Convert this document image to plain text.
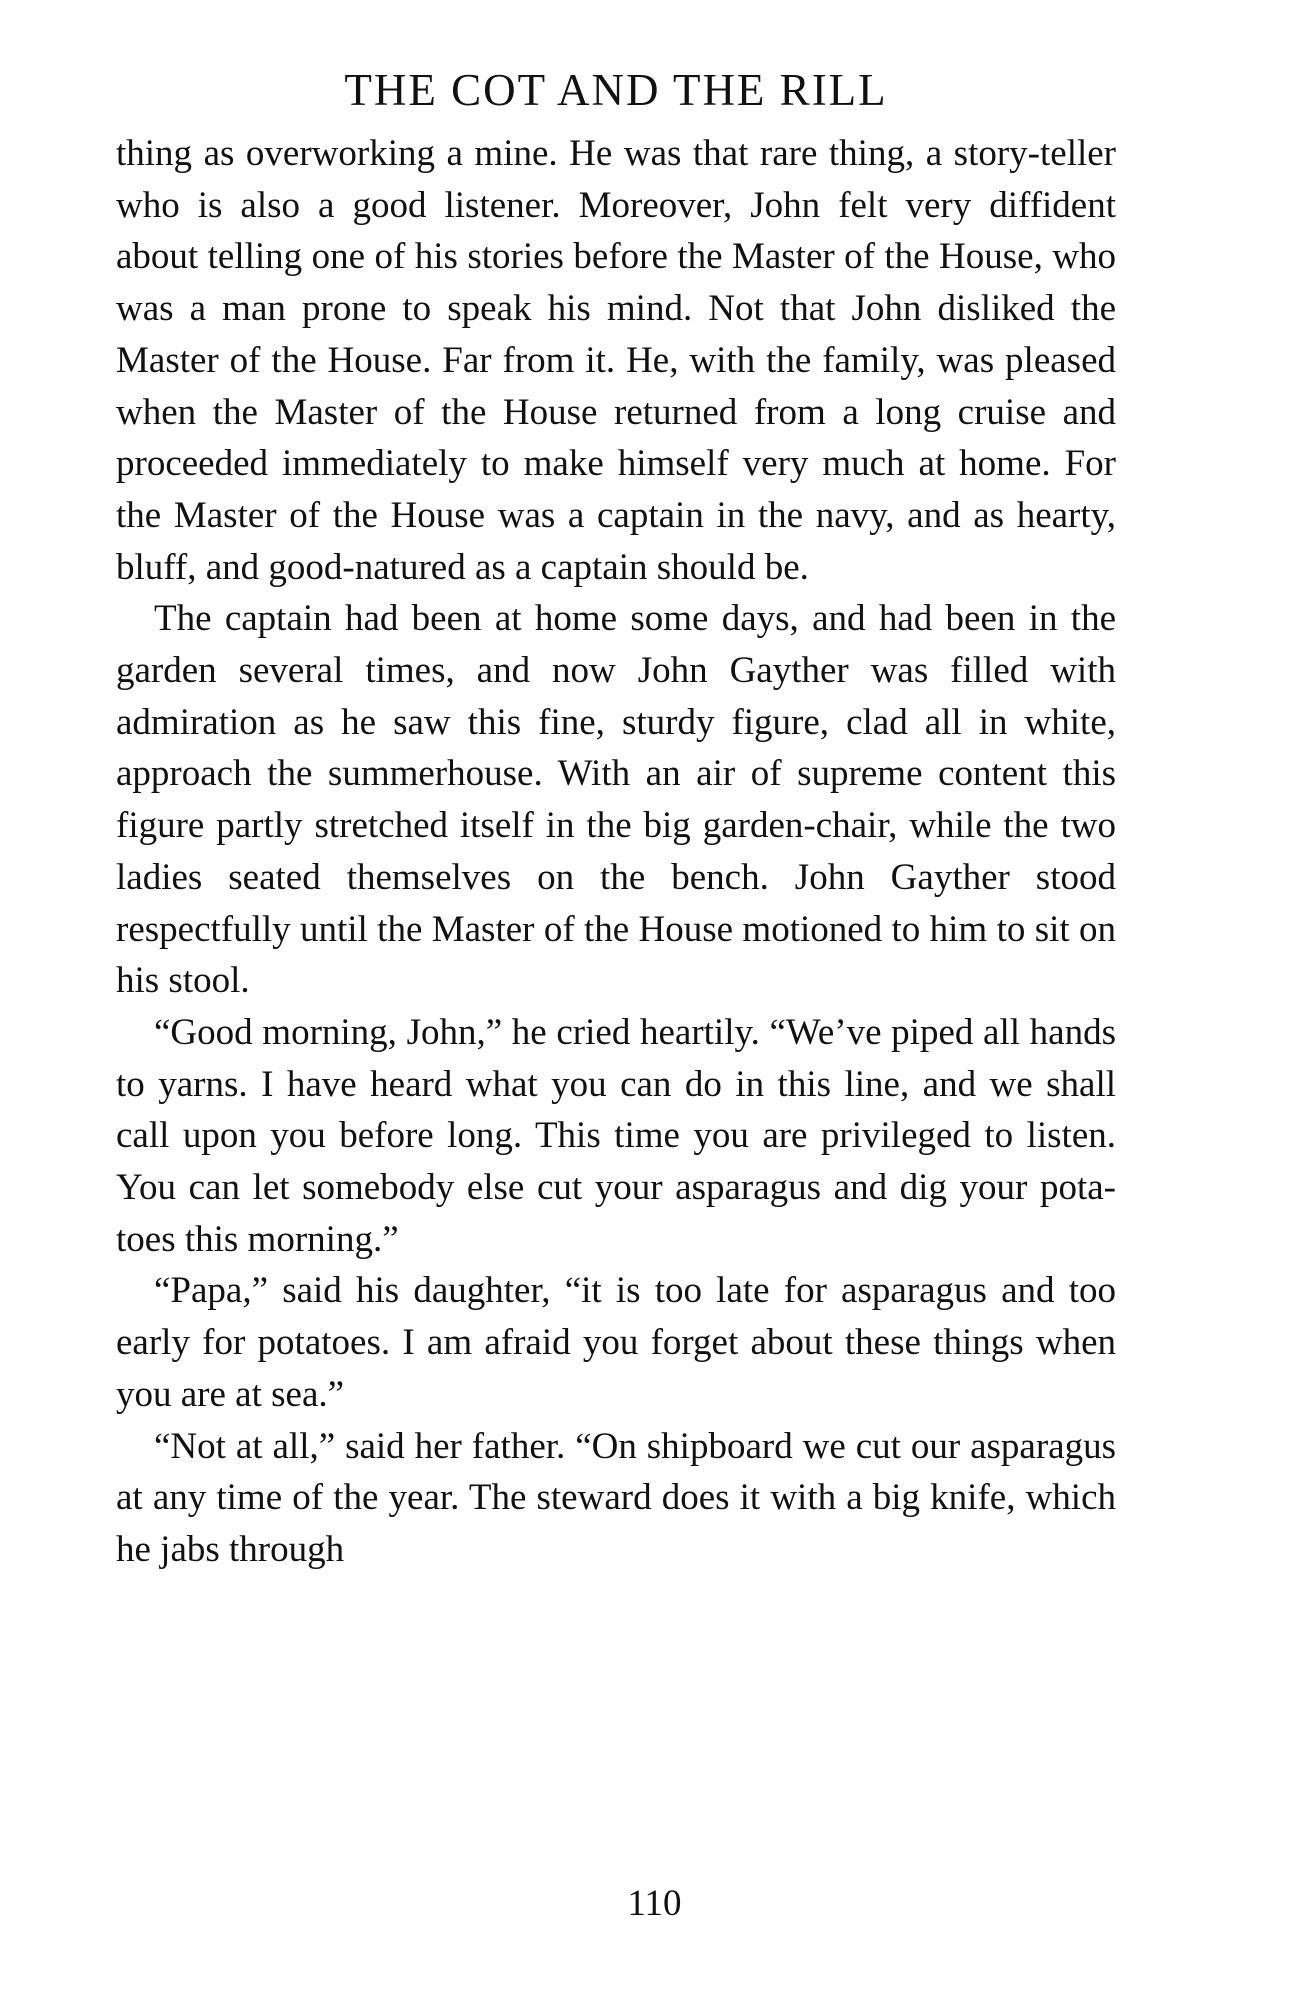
THE COT AND THE RILL

thing as overworking a mine. He was that rare thing, a story-teller who is also a good listener. Moreover, John felt very diffident about telling one of his stories before the Master of the House, who was a man prone to speak his mind. Not that John disliked the Master of the House. Far from it. He, with the family, was pleased when the Master of the House returned from a long cruise and proceeded immediately to make himself very much at home. For the Master of the House was a captain in the navy, and as hearty, bluff, and good-natured as a captain should be.

The captain had been at home some days, and had been in the garden several times, and now John Gayther was filled with admiration as he saw this fine, sturdy figure, clad all in white, approach the summerhouse. With an air of supreme content this figure partly stretched itself in the big garden-chair, while the two ladies seated themselves on the bench. John Gayther stood respectfully until the Master of the House motioned to him to sit on his stool.

“Good morning, John,” he cried heartily. “We’ve piped all hands to yarns. I have heard what you can do in this line, and we shall call upon you before long. This time you are privileged to listen. You can let somebody else cut your asparagus and dig your potatoes this morning.”

“Papa,” said his daughter, “it is too late for asparagus and too early for potatoes. I am afraid you forget about these things when you are at sea.”

“Not at all,” said her father. “On shipboard we cut our asparagus at any time of the year. The steward does it with a big knife, which he jabs through

110
